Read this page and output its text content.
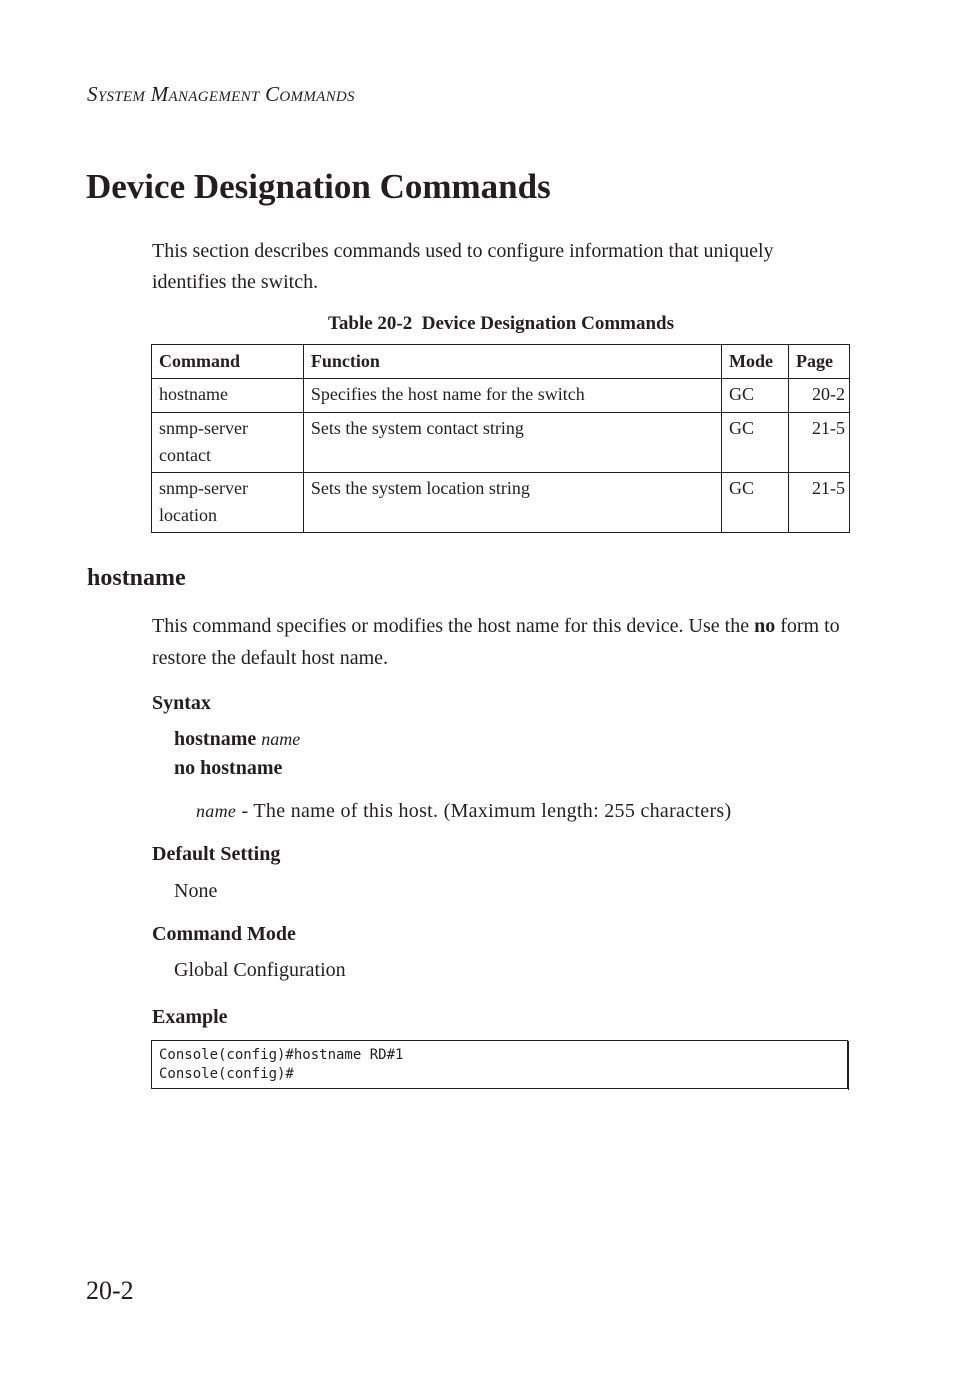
SYSTEM MANAGEMENT COMMANDS
Device Designation Commands

This section describes commands used to configure information that uniquely identifies the switch.

Table 20-2  Device Designation Commands
Command	Function	Mode	Page
hostname	Specifies the host name for the switch	GC	20-2
snmp-server contact	Sets the system contact string	GC	21-5
snmp-server location	Sets the system location string	GC	21-5
hostname

This command specifies or modifies the host name for this device. Use the no form to restore the default host name.

Syntax
hostname name
no hostname
name - The name of this host. (Maximum length: 255 characters)
Default Setting
None
Command Mode
Global Configuration
Example
Console(config)#hostname RD#1
Console(config)#
20-2
